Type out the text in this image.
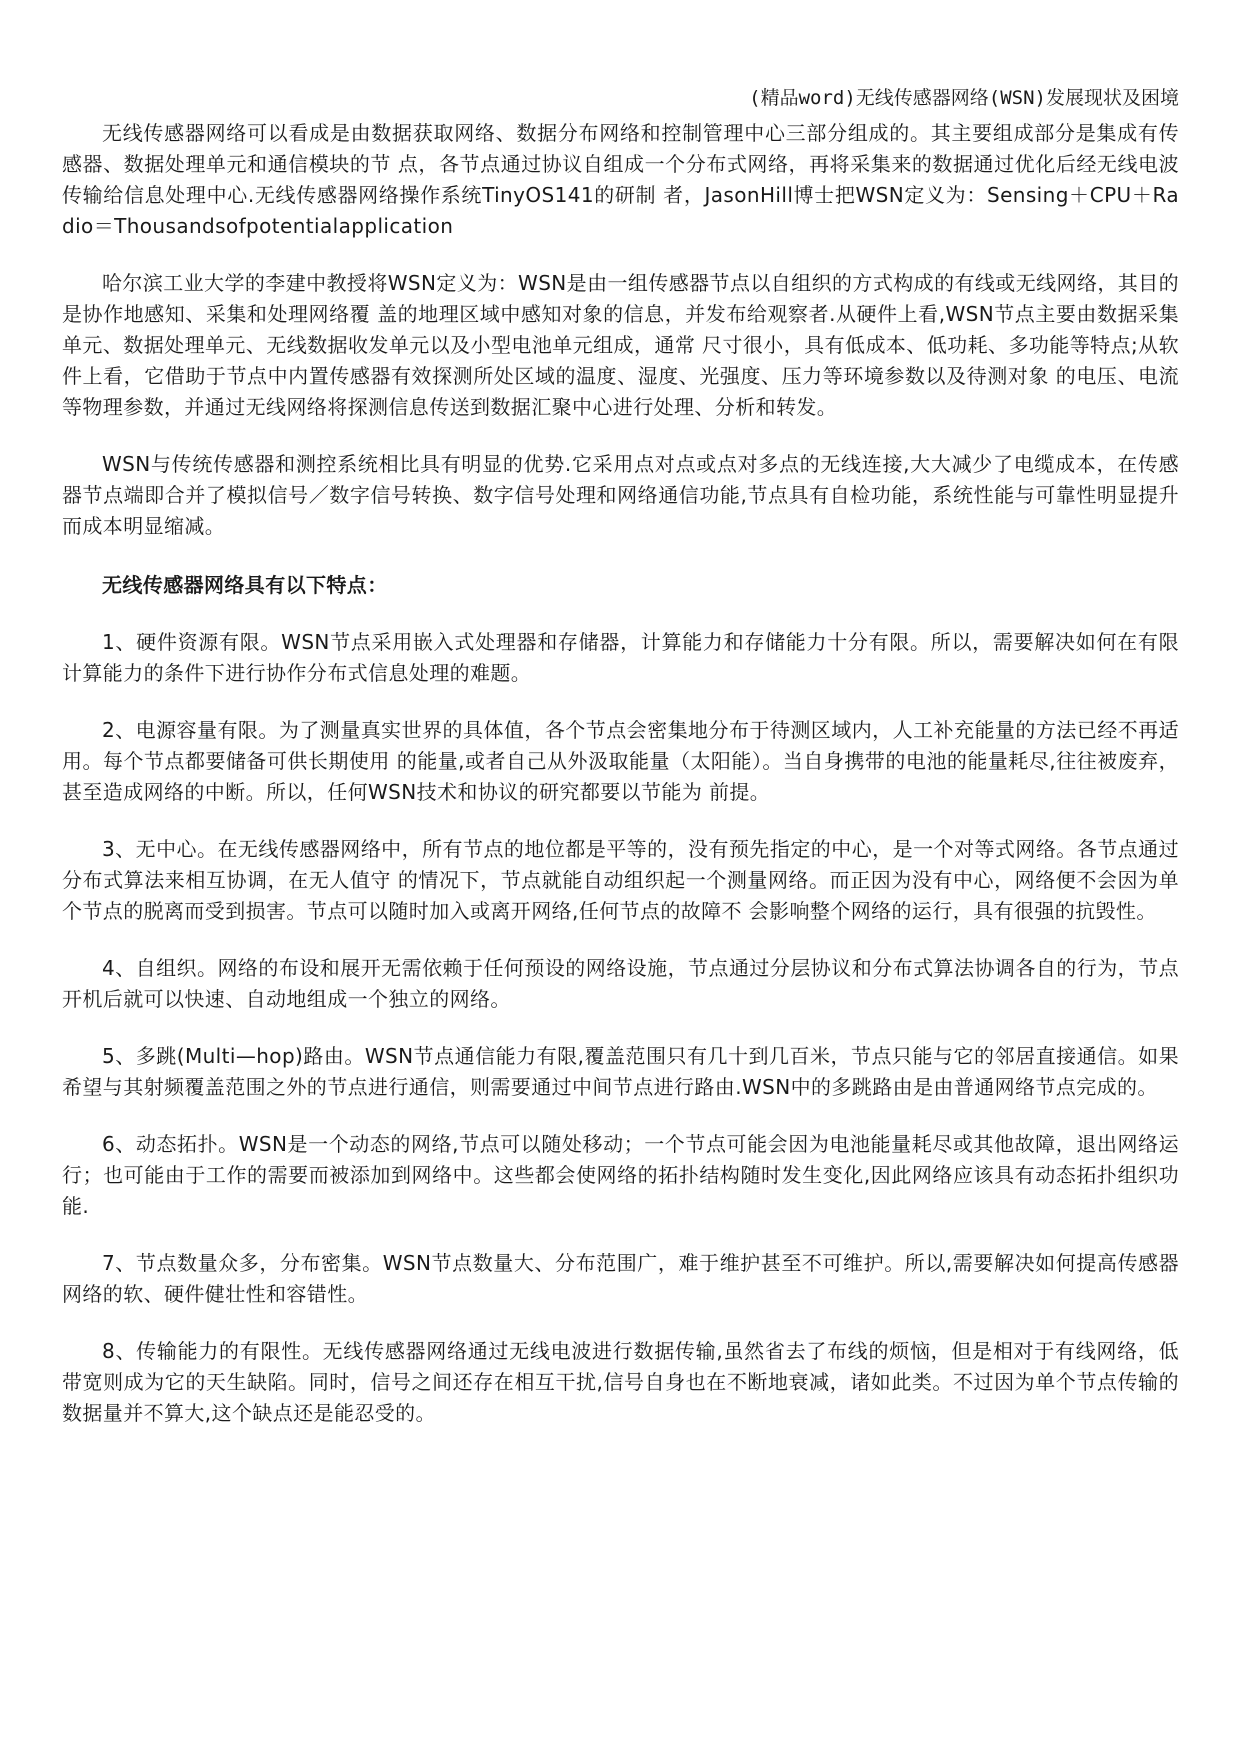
(精品word)无线传感器网络(WSN)发展现状及困境

无线传感器网络可以看成是由数据获取网络、数据分布网络和控制管理中心三部分组成的。其主要组成部分是集成有传感器、数据处理单元和通信模块的节 点，各节点通过协议自组成一个分布式网络，再将采集来的数据通过优化后经无线电波传输给信息处理中心.无线传感器网络操作系统TinyOS141的研制 者，JasonHill博士把WSN定义为：Sensing＋CPU＋Radio＝Thousandsofpotentialapplication

哈尔滨工业大学的李建中教授将WSN定义为：WSN是由一组传感器节点以自组织的方式构成的有线或无线网络，其目的是协作地感知、采集和处理网络覆 盖的地理区域中感知对象的信息，并发布给观察者.从硬件上看,WSN节点主要由数据采集单元、数据处理单元、无线数据收发单元以及小型电池单元组成，通常 尺寸很小，具有低成本、低功耗、多功能等特点;从软件上看，它借助于节点中内置传感器有效探测所处区域的温度、湿度、光强度、压力等环境参数以及待测对象 的电压、电流等物理参数，并通过无线网络将探测信息传送到数据汇聚中心进行处理、分析和转发。

WSN与传统传感器和测控系统相比具有明显的优势.它采用点对点或点对多点的无线连接,大大减少了电缆成本，在传感器节点端即合并了模拟信号／数字信号转换、数字信号处理和网络通信功能,节点具有自检功能，系统性能与可靠性明显提升而成本明显缩减。

无线传感器网络具有以下特点：

1、硬件资源有限。WSN节点采用嵌入式处理器和存储器，计算能力和存储能力十分有限。所以，需要解决如何在有限计算能力的条件下进行协作分布式信息处理的难题。

2、电源容量有限。为了测量真实世界的具体值，各个节点会密集地分布于待测区域内，人工补充能量的方法已经不再适用。每个节点都要储备可供长期使用 的能量,或者自己从外汲取能量（太阳能）。当自身携带的电池的能量耗尽,往往被废弃，甚至造成网络的中断。所以，任何WSN技术和协议的研究都要以节能为 前提。

3、无中心。在无线传感器网络中，所有节点的地位都是平等的，没有预先指定的中心，是一个对等式网络。各节点通过分布式算法来相互协调，在无人值守 的情况下，节点就能自动组织起一个测量网络。而正因为没有中心，网络便不会因为单个节点的脱离而受到损害。节点可以随时加入或离开网络,任何节点的故障不 会影响整个网络的运行，具有很强的抗毁性。

4、自组织。网络的布设和展开无需依赖于任何预设的网络设施，节点通过分层协议和分布式算法协调各自的行为，节点开机后就可以快速、自动地组成一个独立的网络。

5、多跳(Multi—hop)路由。WSN节点通信能力有限,覆盖范围只有几十到几百米，节点只能与它的邻居直接通信。如果希望与其射频覆盖范围之外的节点进行通信，则需要通过中间节点进行路由.WSN中的多跳路由是由普通网络节点完成的。

6、动态拓扑。WSN是一个动态的网络,节点可以随处移动；一个节点可能会因为电池能量耗尽或其他故障，退出网络运行；也可能由于工作的需要而被添加到网络中。这些都会使网络的拓扑结构随时发生变化,因此网络应该具有动态拓扑组织功能.

7、节点数量众多，分布密集。WSN节点数量大、分布范围广，难于维护甚至不可维护。所以,需要解决如何提高传感器网络的软、硬件健壮性和容错性。

8、传输能力的有限性。无线传感器网络通过无线电波进行数据传输,虽然省去了布线的烦恼，但是相对于有线网络，低带宽则成为它的天生缺陷。同时，信号之间还存在相互干扰,信号自身也在不断地衰减，诸如此类。不过因为单个节点传输的数据量并不算大,这个缺点还是能忍受的。
